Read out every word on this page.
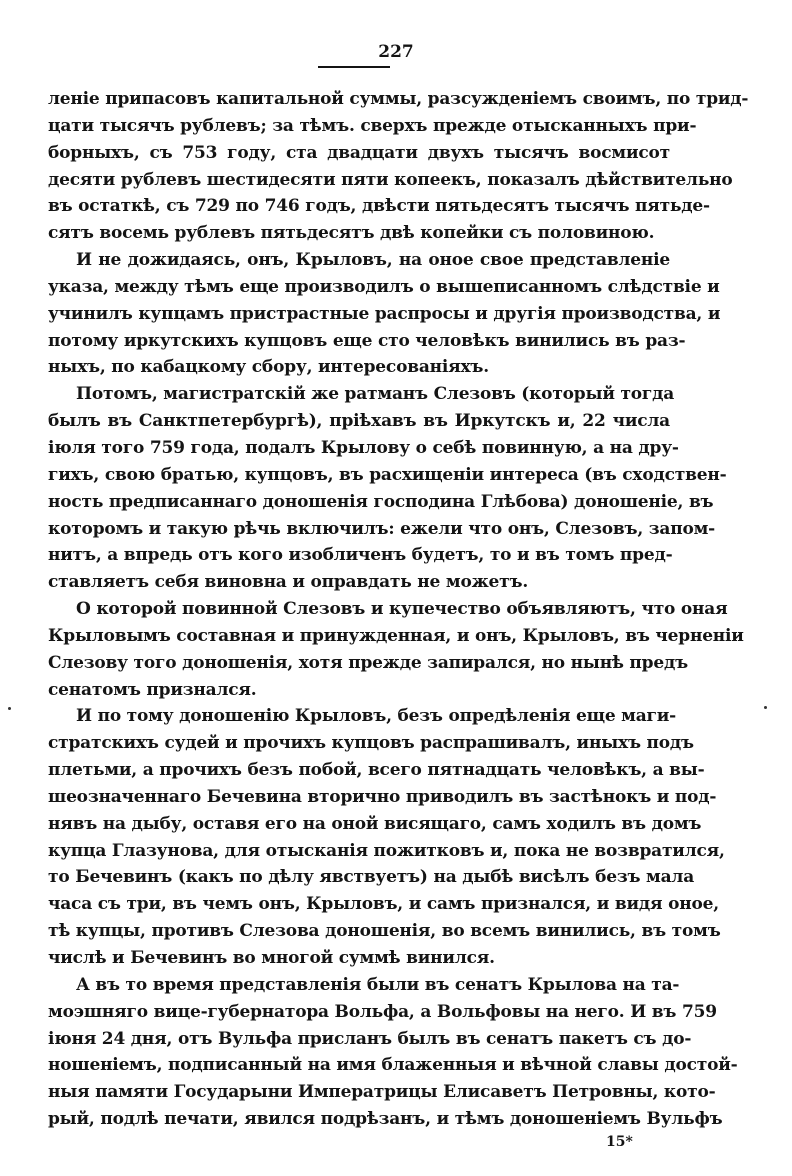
227
леніе припасовъ капитальной суммы, разсужденіемъ своимъ, по трид-
цати тысячъ рублевъ; за тѣмъ. сверхъ прежде отысканныхъ при-
борныхъ, съ 753 году, ста двадцати двухъ тысячъ восмисот
десяти рублевъ шестидесяти пяти копеекъ, показалъ дѣйствительно
въ остаткѣ, съ 729 по 746 годъ, двѣсти пятьдесятъ тысячъ пятьде-
сятъ восемь рублевъ пятьдесятъ двѣ копейки съ половиною.
И не дожидаясь, онъ, Крыловъ, на оное свое представленіе
указа, между тѣмъ еще производилъ о вышеписанномъ слѣдствіе и
учинилъ купцамъ пристрастные распросы и другія производства, и
потому иркутскихъ купцовъ еще сто человѣкъ винились въ раз-
ныхъ, по кабацкому сбору, интересованіяхъ.
Потомъ, магистратскій же ратманъ Слезовъ (который тогда
былъ въ Санктпетербургѣ), пріѣхавъ въ Иркутскъ и, 22 числа
іюля того 759 года, подалъ Крылову о себѣ повинную, а на дру-
гихъ, свою братью, купцовъ, въ расхищеніи интереса (въ сходствен-
ность предписаннаго доношенія господина Глѣбова) доношеніе, въ
которомъ и такую рѣчь включилъ: ежели что онъ, Слезовъ, запом-
нитъ, а впредь отъ кого изобличенъ будетъ, то и въ томъ пред-
ставляетъ себя виновна и оправдать не можетъ.
О которой повинной Слезовъ и купечество объявляютъ, что оная
Крыловымъ составная и принужденная, и онъ, Крыловъ, въ черненіи
Слезову того доношенія, хотя прежде запирался, но нынѣ предъ
сенатомъ признался.
И по тому доношенію Крыловъ, безъ опредѣленія еще маги-
стратскихъ судей и прочихъ купцовъ распрашивалъ, иныхъ подъ
плетьми, а прочихъ безъ побой, всего пятнадцать человѣкъ, а вы-
шеозначеннаго Бечевина вторично приводилъ въ застѣнокъ и под-
нявъ на дыбу, оставя его на оной висящаго, самъ ходилъ въ домъ
купца Глазунова, для отысканія пожитковъ и, пока не возвратился,
то Бечевинъ (какъ по дѣлу явствуетъ) на дыбѣ висѣлъ безъ мала
часа съ три, въ чемъ онъ, Крыловъ, и самъ признался, и видя оное,
тѣ купцы, противъ Слезова доношенія, во всемъ винились, въ томъ
числѣ и Бечевинъ во многой суммѣ винился.
А въ то время представленія были въ сенатъ Крылова на та-
моэшняго вице-губернатора Вольфа, а Вольфовы на него. И въ 759
іюня 24 дня, отъ Вульфа присланъ былъ въ сенатъ пакетъ съ до-
ношеніемъ, подписанный на имя блаженныя и вѣчной славы достой-
ныя памяти Государыни Императрицы Елисаветъ Петровны, кото-
рый, подлѣ печати, явился подрѣзанъ, и тѣмъ доношеніемъ Вульфъ
15*
